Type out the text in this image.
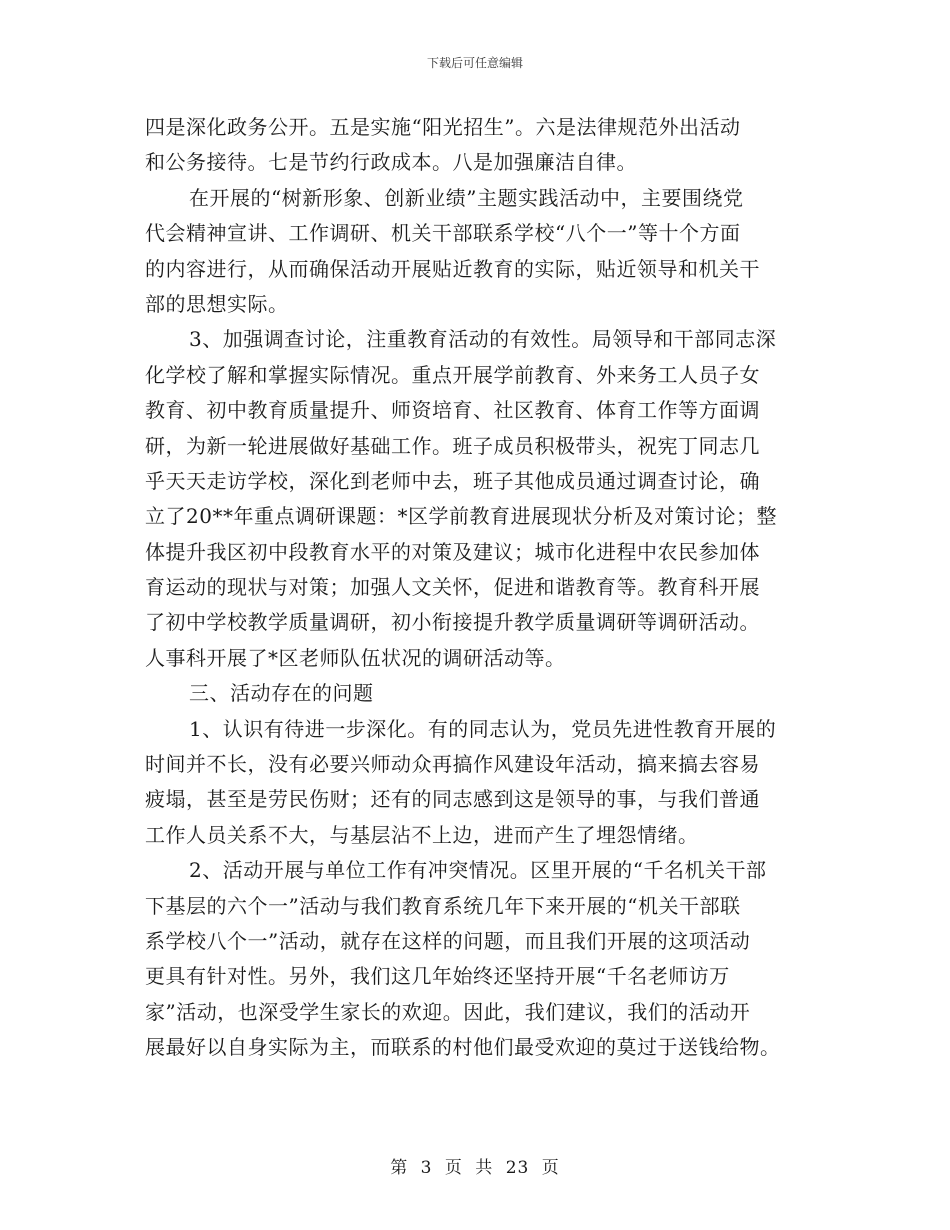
下载后可任意编辑
四是深化政务公开。五是实施“阳光招生”。六是法律规范外出活动
和公务接待。七是节约行政成本。八是加强廉洁自律。
在开展的“树新形象、创新业绩”主题实践活动中，主要围绕党
代会精神宣讲、工作调研、机关干部联系学校“八个一”等十个方面
的内容进行，从而确保活动开展贴近教育的实际，贴近领导和机关干
部的思想实际。
3、加强调查讨论，注重教育活动的有效性。局领导和干部同志深
化学校了解和掌握实际情况。重点开展学前教育、外来务工人员子女
教育、初中教育质量提升、师资培育、社区教育、体育工作等方面调
研，为新一轮进展做好基础工作。班子成员积极带头，祝宪丁同志几
乎天天走访学校，深化到老师中去，班子其他成员通过调查讨论，确
立了20**年重点调研课题：*区学前教育进展现状分析及对策讨论；整
体提升我区初中段教育水平的对策及建议；城市化进程中农民参加体
育运动的现状与对策；加强人文关怀，促进和谐教育等。教育科开展
了初中学校教学质量调研，初小衔接提升教学质量调研等调研活动。
人事科开展了*区老师队伍状况的调研活动等。
三、活动存在的问题
1、认识有待进一步深化。有的同志认为，党员先进性教育开展的
时间并不长，没有必要兴师动众再搞作风建设年活动，搞来搞去容易
疲塌，甚至是劳民伤财；还有的同志感到这是领导的事，与我们普通
工作人员关系不大，与基层沾不上边，进而产生了埋怨情绪。
2、活动开展与单位工作有冲突情况。区里开展的“千名机关干部
下基层的六个一”活动与我们教育系统几年下来开展的“机关干部联
系学校八个一”活动，就存在这样的问题，而且我们开展的这项活动
更具有针对性。另外，我们这几年始终还坚持开展“千名老师访万
家”活动，也深受学生家长的欢迎。因此，我们建议，我们的活动开
展最好以自身实际为主，而联系的村他们最受欢迎的莫过于送钱给物。
第 3 页 共 23 页
